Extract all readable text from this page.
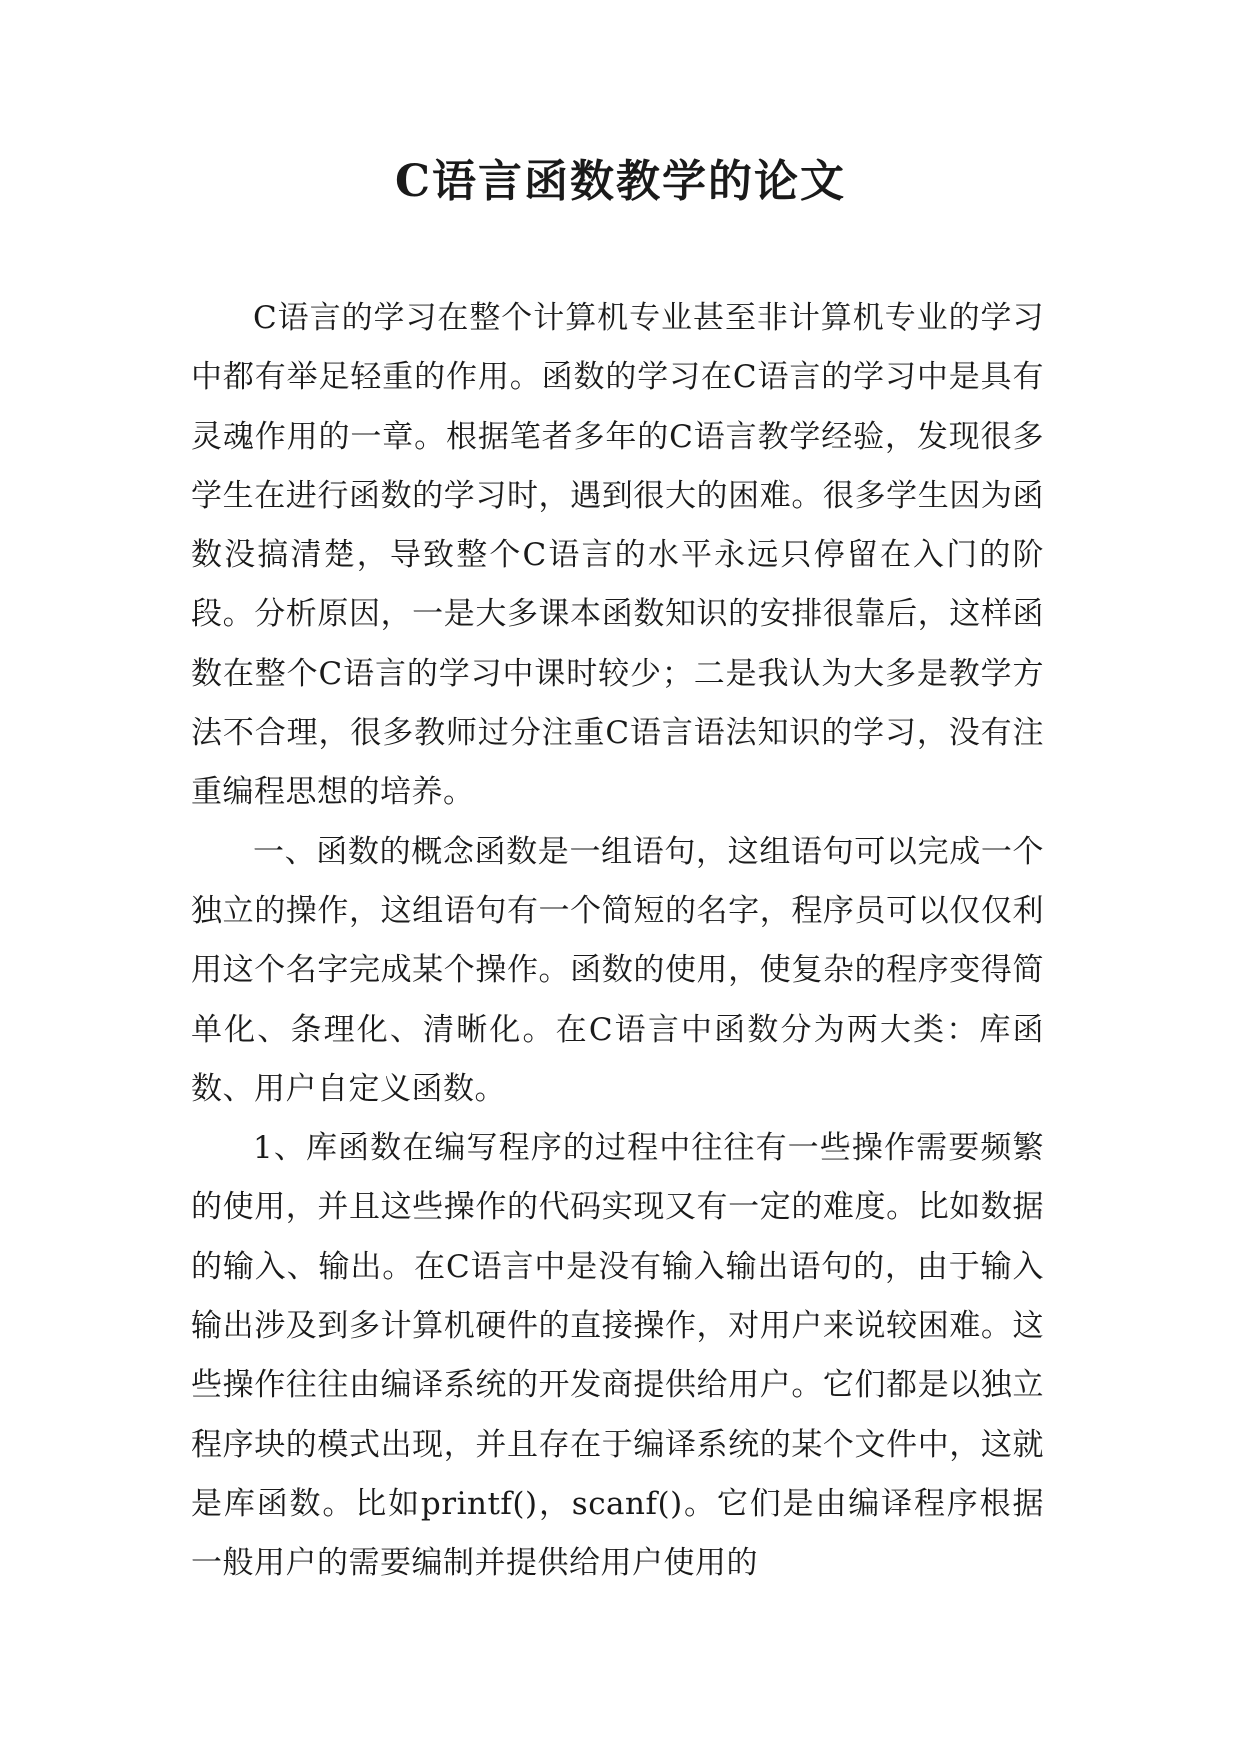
C语言函数教学的论文

C语言的学习在整个计算机专业甚至非计算机专业的学习中都有举足轻重的作用。函数的学习在C语言的学习中是具有灵魂作用的一章。根据笔者多年的C语言教学经验，发现很多学生在进行函数的学习时，遇到很大的困难。很多学生因为函数没搞清楚，导致整个C语言的水平永远只停留在入门的阶段。分析原因，一是大多课本函数知识的安排很靠后，这样函数在整个C语言的学习中课时较少；二是我认为大多是教学方法不合理，很多教师过分注重C语言语法知识的学习，没有注重编程思想的培养。

一、函数的概念函数是一组语句，这组语句可以完成一个独立的操作，这组语句有一个简短的名字，程序员可以仅仅利用这个名字完成某个操作。函数的使用，使复杂的程序变得简单化、条理化、清晰化。在C语言中函数分为两大类：库函数、用户自定义函数。

1、库函数在编写程序的过程中往往有一些操作需要频繁的使用，并且这些操作的代码实现又有一定的难度。比如数据的输入、输出。在C语言中是没有输入输出语句的，由于输入输出涉及到多计算机硬件的直接操作，对用户来说较困难。这些操作往往由编译系统的开发商提供给用户。它们都是以独立程序块的模式出现，并且存在于编译系统的某个文件中，这就是库函数。比如printf()，scanf()。它们是由编译程序根据一般用户的需要编制并提供给用户使用的
